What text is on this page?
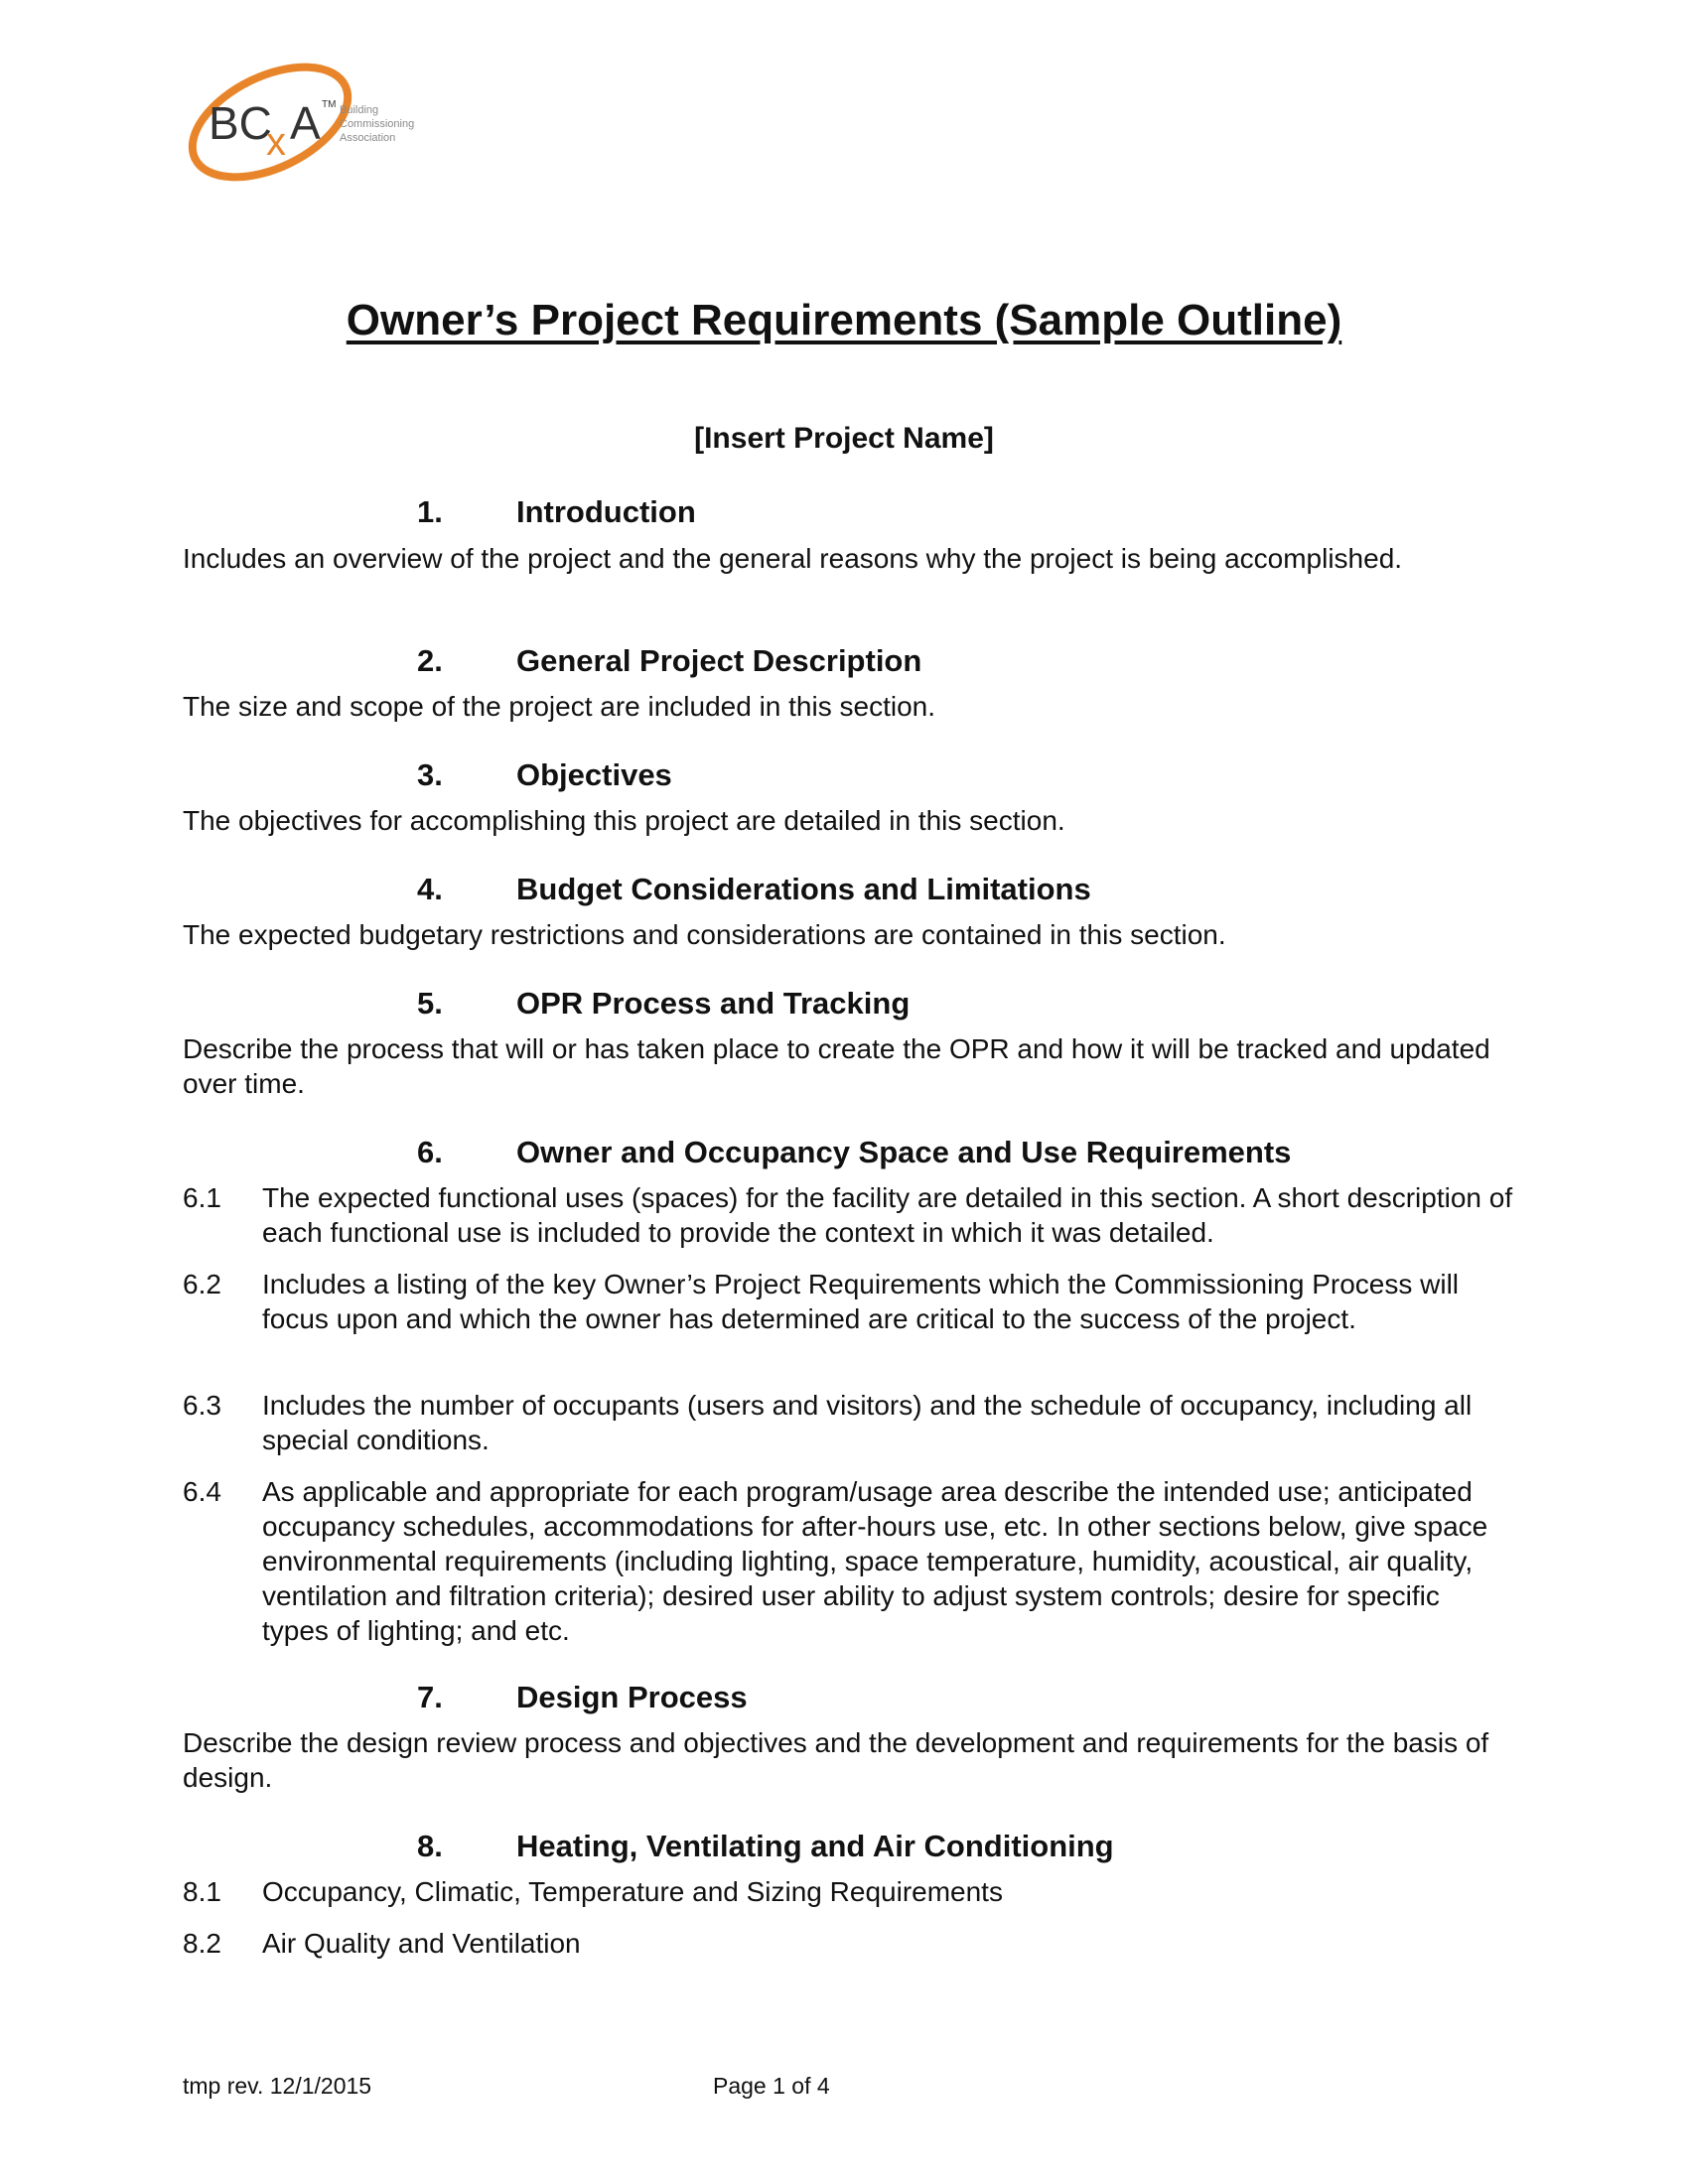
BC
x A TM Building
Commissioning
Association
Owner’s Project Requirements (Sample Outline)
[Insert Project Name]
1. Introduction
Includes an overview of the project and the general reasons why the project is being accomplished.
2. General Project Description
The size and scope of the project are included in this section.
3. Objectives
The objectives for accomplishing this project are detailed in this section.
4. Budget Considerations and Limitations
The expected budgetary restrictions and considerations are contained in this section.
5. OPR Process and Tracking
Describe the process that will or has taken place to create the OPR and how it will be tracked and updated over time.
6. Owner and Occupancy Space and Use Requirements
6.1 The expected functional uses (spaces) for the facility are detailed in this section. A short description of each functional use is included to provide the context in which it was detailed.
6.2 Includes a listing of the key Owner’s Project Requirements which the Commissioning Process will focus upon and which the owner has determined are critical to the success of the project.
6.3 Includes the number of occupants (users and visitors) and the schedule of occupancy, including all special conditions.
6.4 As applicable and appropriate for each program/usage area describe the intended use; anticipated occupancy schedules, accommodations for after-hours use, etc. In other sections below, give space environmental requirements (including lighting, space temperature, humidity, acoustical, air quality, ventilation and filtration criteria); desired user ability to adjust system controls; desire for specific types of lighting; and etc.
7. Design Process
Describe the design review process and objectives and the development and requirements for the basis of design.
8. Heating, Ventilating and Air Conditioning
8.1 Occupancy, Climatic, Temperature and Sizing Requirements
8.2 Air Quality and Ventilation
tmp rev. 12/1/2015	Page 1 of 4
